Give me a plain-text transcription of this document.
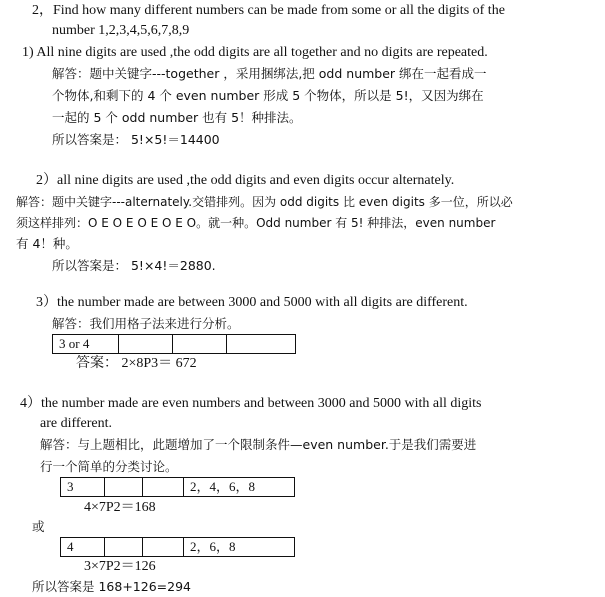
2，Find how many different numbers can be made from some or all the digits of the
number 1,2,3,4,5,6,7,8,9
1) All nine digits are used ,the odd digits are all together and no digits are repeated.
解答：题中关键字---together ，采用捆绑法,把 odd number 绑在一起看成一
个物体,和剩下的 4 个 even number 形成 5 个物体，所以是 5!，又因为绑在
一起的 5 个 odd number 也有 5！种排法。
所以答案是： 5!×5!＝14400
2）all nine digits are used ,the odd digits and even digits occur alternately.
解答：题中关键字---alternately.交错排列。因为 odd digits 比 even digits 多一位，所以必
须这样排列：O E O E O E O E O。就一种。Odd number 有 5! 种排法，even number
有 4！种。
所以答案是： 5!×4!＝2880.
3）the number made are between 3000 and 5000 with all digits are different.
解答：我们用格子法来进行分析。
3 or 4
答案： 2×8P3＝ 672
4）the number made are even numbers and between 3000 and 5000 with all digits
are different.
解答：与上题相比，此题增加了一个限制条件—even number.于是我们需要进
行一个简单的分类讨论。
3	2，4，6，8
4×7P2＝168
或
4	2，6，8
3×7P2＝126
所以答案是 168+126=294
